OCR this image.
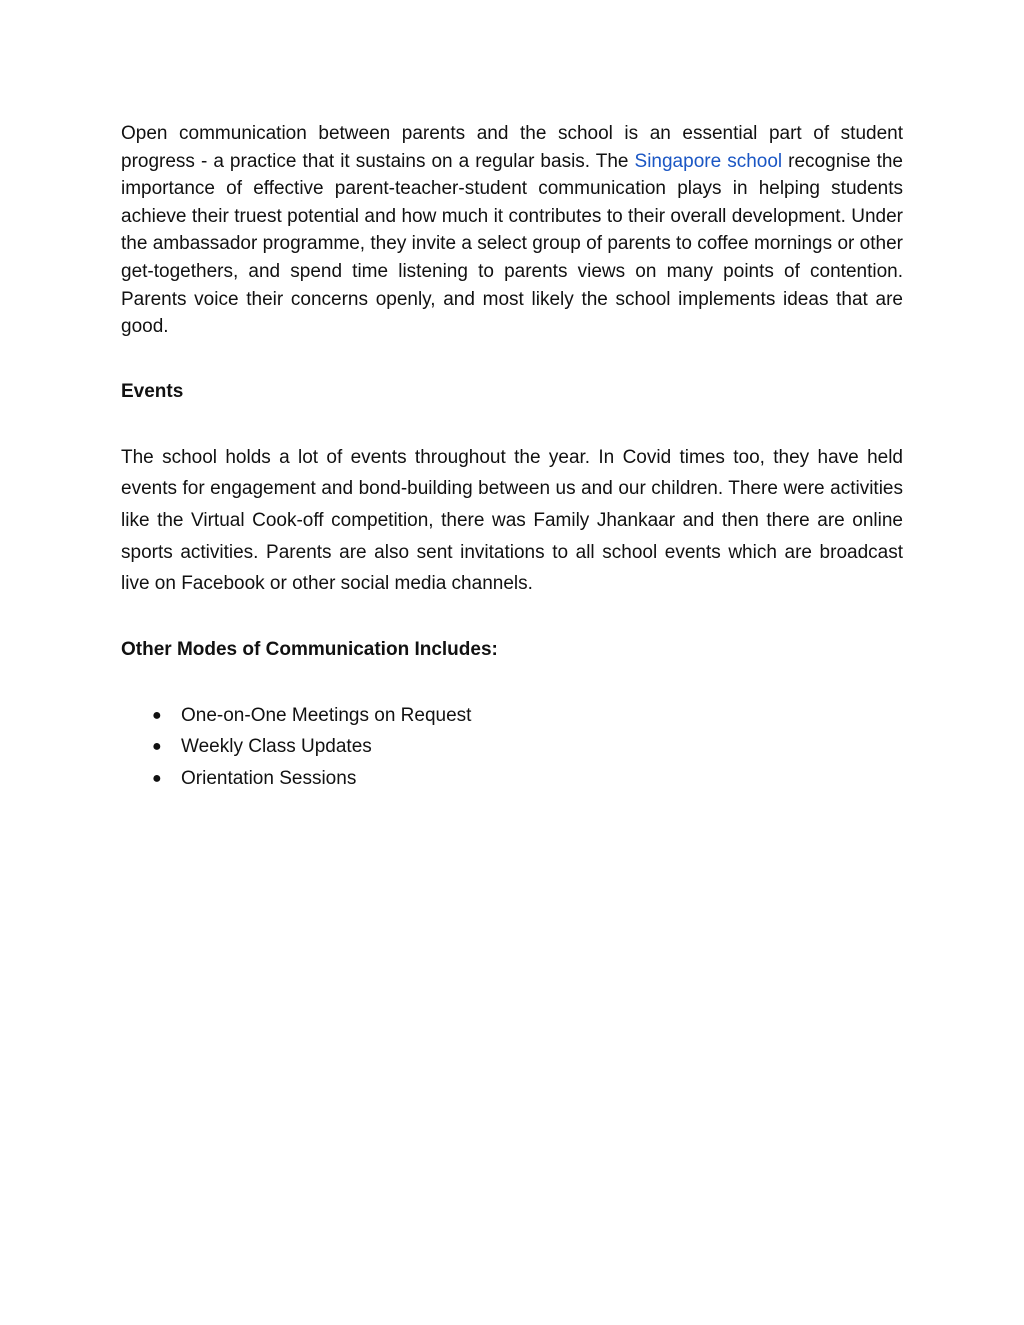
Open communication between parents and the school is an essential part of student progress - a practice that it sustains on a regular basis. The Singapore school recognise the importance of effective parent-teacher-student communication plays in helping students achieve their truest potential and how much it contributes to their overall development. Under the ambassador programme, they invite a select group of parents to coffee mornings or other get-togethers, and spend time listening to parents views on many points of contention. Parents voice their concerns openly, and most likely the school implements ideas that are good.

Events

The school holds a lot of events throughout the year. In Covid times too, they have held events for engagement and bond-building between us and our children. There were activities like the Virtual Cook-off competition, there was Family Jhankaar and then there are online sports activities. Parents are also sent invitations to all school events which are broadcast live on Facebook or other social media channels.

Other Modes of Communication Includes:
● One-on-One Meetings on Request
● Weekly Class Updates
● Orientation Sessions
